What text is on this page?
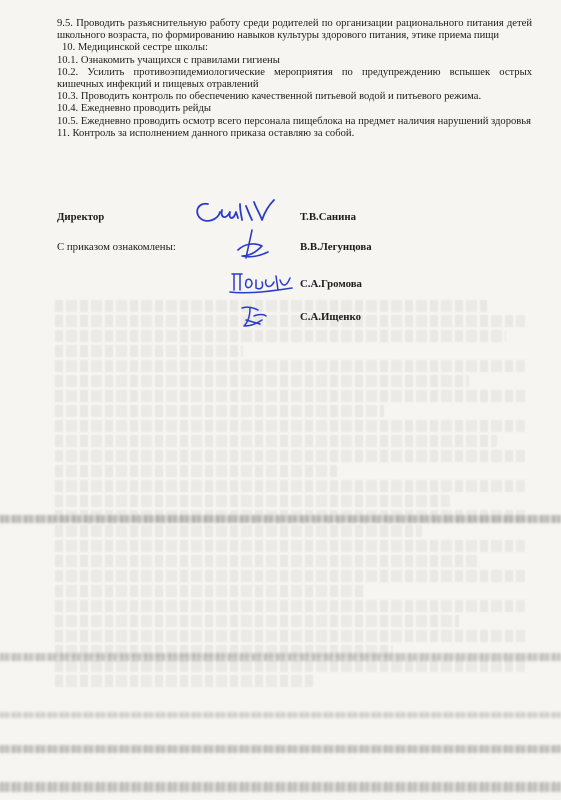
9.5. Проводить разъяснительную работу среди родителей по организации рационального питания детей школьного возраста, по формированию навыков культуры здорового питания, этике приема пищи

10. Медицинской сестре школы:

10.1. Ознакомить учащихся с правилами гигиены

10.2. Усилить противоэпидемиологические мероприятия по предупреждению вспышек острых кишечных инфекций и пищевых отравлений

10.3. Проводить контроль по обеспечению качественной питьевой водой и питьевого режима.

10.4. Ежедневно проводить рейды

10.5. Ежедневно проводить осмотр всего персонала пищеблока на предмет наличия нарушений здоровья

11. Контроль за исполнением данного приказа оставляю за собой.

Директор	Т.В.Санина
С приказом ознакомлены:	В.В.Легунцова
С.А.Громова
С.А.Ищенко
